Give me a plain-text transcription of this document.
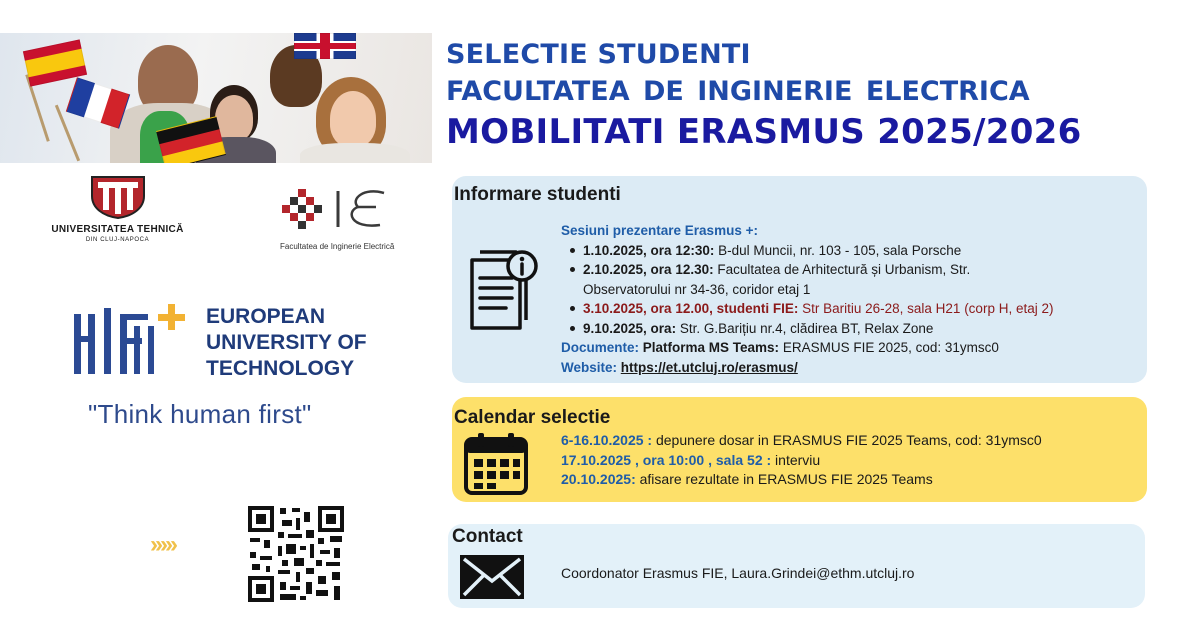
SELECTIE STUDENTI
FACULTATEA DE INGINERIE ELECTRICA
MOBILITATI ERASMUS 2025/2026
UNIVERSITATEA TEHNICĂ
DIN CLUJ-NAPOCA
Facultatea de Inginerie Electrică
EUROPEAN
UNIVERSITY OF
TECHNOLOGY
"Think human first"
›››››
Informare studenti
Sesiuni prezentare Erasmus +:
1.10.2025, ora 12:30: B-dul Muncii, nr. 103 - 105, sala Porsche
2.10.2025, ora 12.30: Facultatea de Arhitectură și Urbanism, Str. Observatorului nr 34-36, coridor etaj 1
3.10.2025, ora 12.00, studenti FIE: Str Baritiu 26-28, sala H21 (corp H, etaj 2)
9.10.2025, ora: Str. G.Barițiu nr.4, clădirea BT, Relax Zone
Documente: Platforma MS Teams: ERASMUS FIE 2025, cod: 31ymsc0
Website: https://et.utcluj.ro/erasmus/
Calendar selectie
6-16.10.2025 : depunere dosar in ERASMUS FIE 2025 Teams, cod: 31ymsc0
17.10.2025 , ora 10:00 , sala 52 : interviu
20.10.2025: afisare rezultate in ERASMUS FIE 2025 Teams
Contact
Coordonator Erasmus FIE, Laura.Grindei@ethm.utcluj.ro
